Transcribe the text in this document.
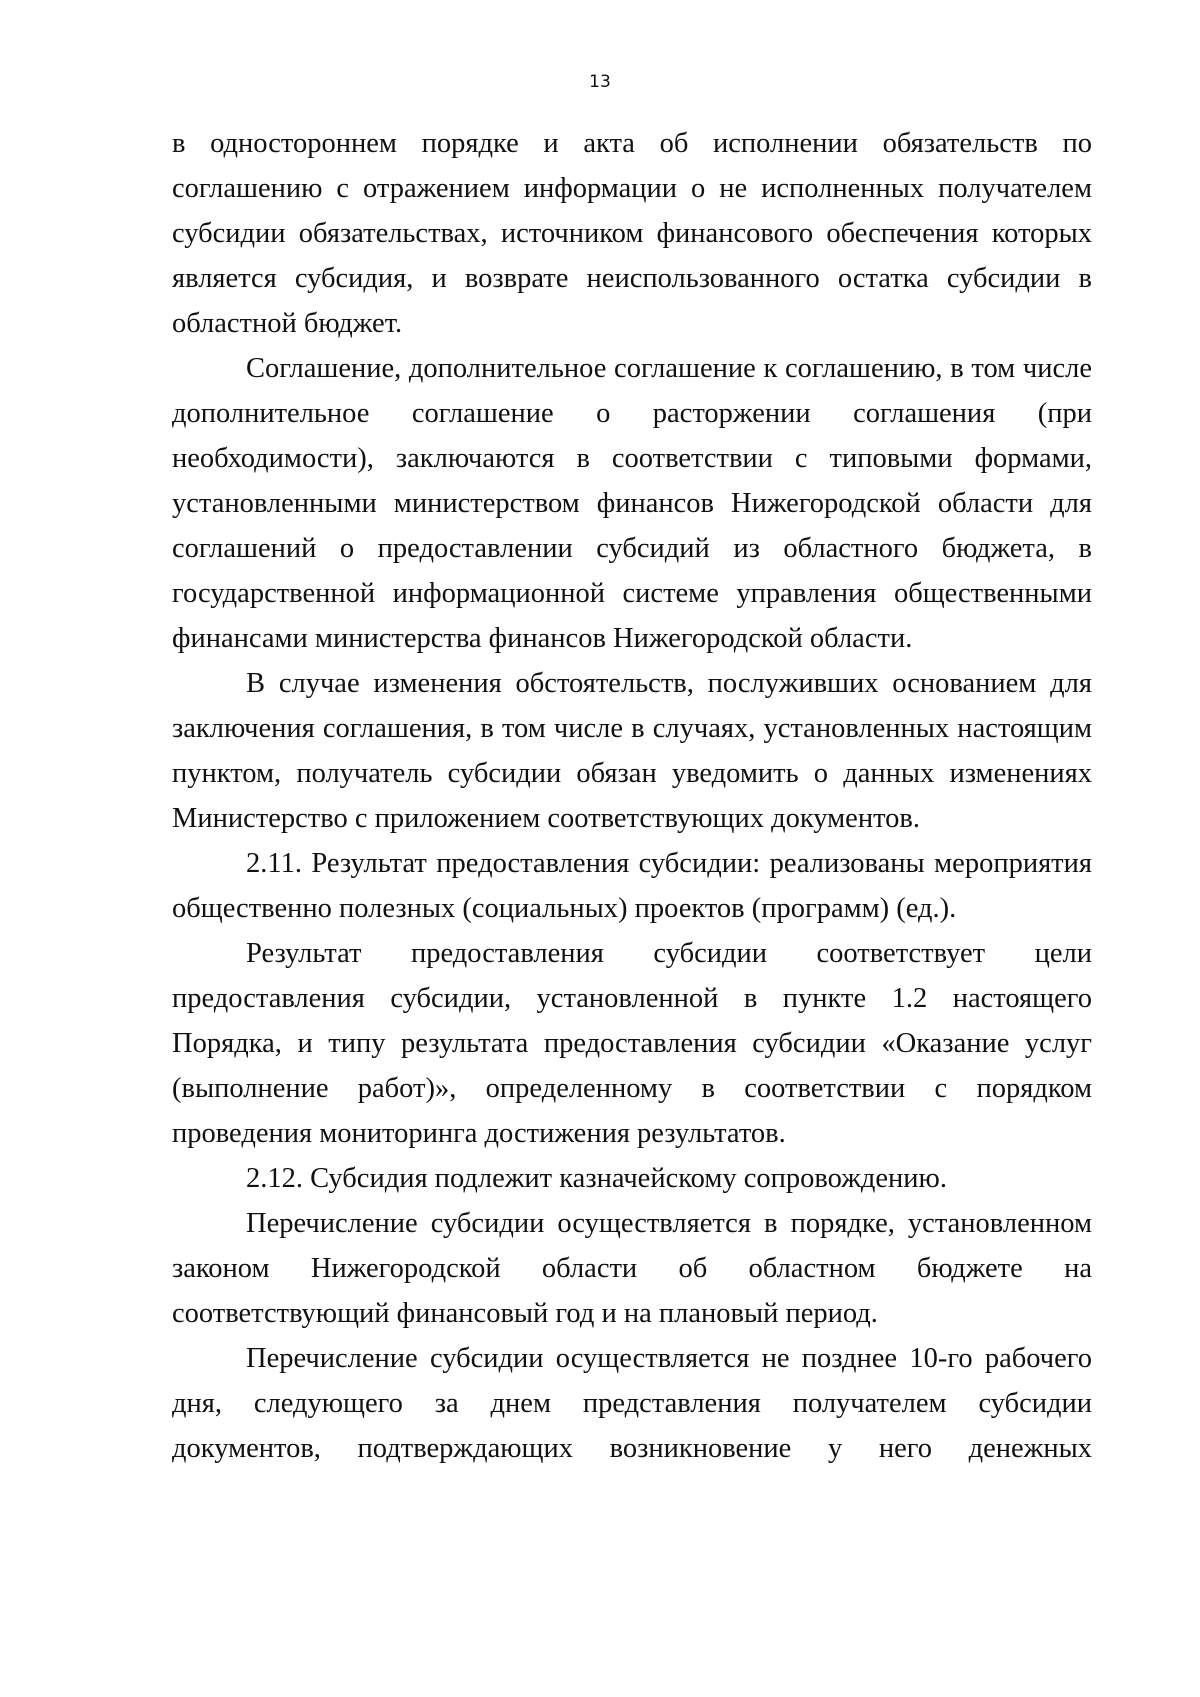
13

в одностороннем порядке и акта об исполнении обязательств по соглашению с отражением информации о не исполненных получателем субсидии обязательствах, источником финансового обеспечения которых является субсидия, и возврате неиспользованного остатка субсидии в областной бюджет.

Соглашение, дополнительное соглашение к соглашению, в том числе дополнительное соглашение о расторжении соглашения (при необходимости), заключаются в соответствии с типовыми формами, установленными министерством финансов Нижегородской области для соглашений о предоставлении субсидий из областного бюджета, в государственной информационной системе управления общественными финансами министерства финансов Нижегородской области.

В случае изменения обстоятельств, послуживших основанием для заключения соглашения, в том числе в случаях, установленных настоящим пунктом, получатель субсидии обязан уведомить о данных изменениях Министерство с приложением соответствующих документов.

2.11. Результат предоставления субсидии: реализованы мероприятия общественно полезных (социальных) проектов (программ) (ед.).

Результат предоставления субсидии соответствует цели предоставления субсидии, установленной в пункте 1.2 настоящего Порядка, и типу результата предоставления субсидии «Оказание услуг (выполнение работ)», определенному в соответствии с порядком проведения мониторинга достижения результатов.

2.12. Субсидия подлежит казначейскому сопровождению.

Перечисление субсидии осуществляется в порядке, установленном законом Нижегородской области об областном бюджете на соответствующий финансовый год и на плановый период.

Перечисление субсидии осуществляется не позднее 10-го рабочего дня, следующего за днем представления получателем субсидии документов, подтверждающих возникновение у него денежных
